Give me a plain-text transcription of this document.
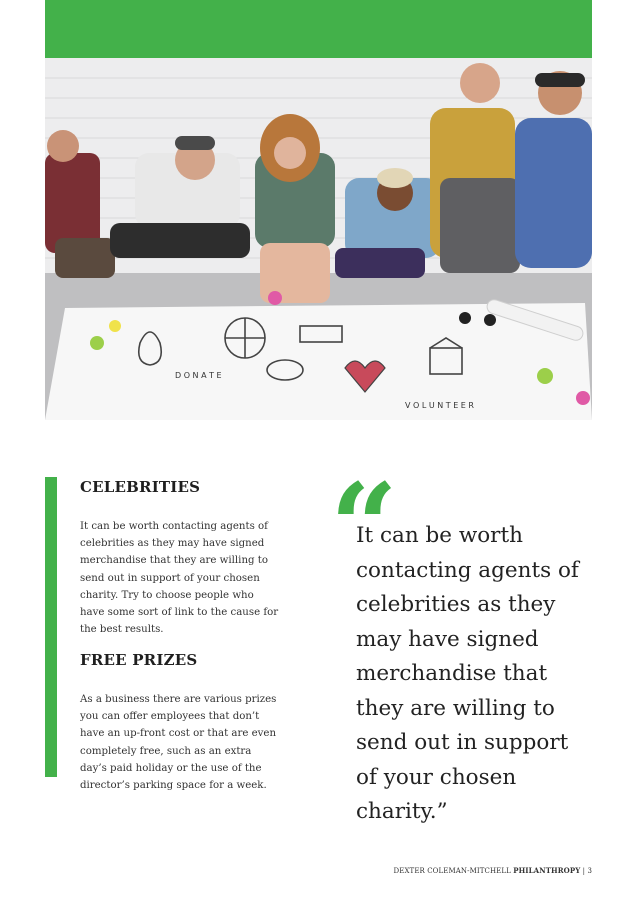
D O N A T E
V O L U N T E E R
CELEBRITIES

It can be worth contacting agents of celebrities as they may have signed merchandise that they are willing to send out in support of your chosen charity. Try to choose people who have some sort of link to the cause for the best results.

FREE PRIZES

As a business there are various prizes you can offer employees that don’t have an up-front cost or that are even completely free, such as an extra day’s paid holiday or the use of the director’s parking space for a week.

“

It can be worth contacting agents of celebrities as they may have signed merchandise that they are willing to send out in support of your chosen charity.”

DEXTER COLEMAN-MITCHELL PHILANTHROPY | 3
